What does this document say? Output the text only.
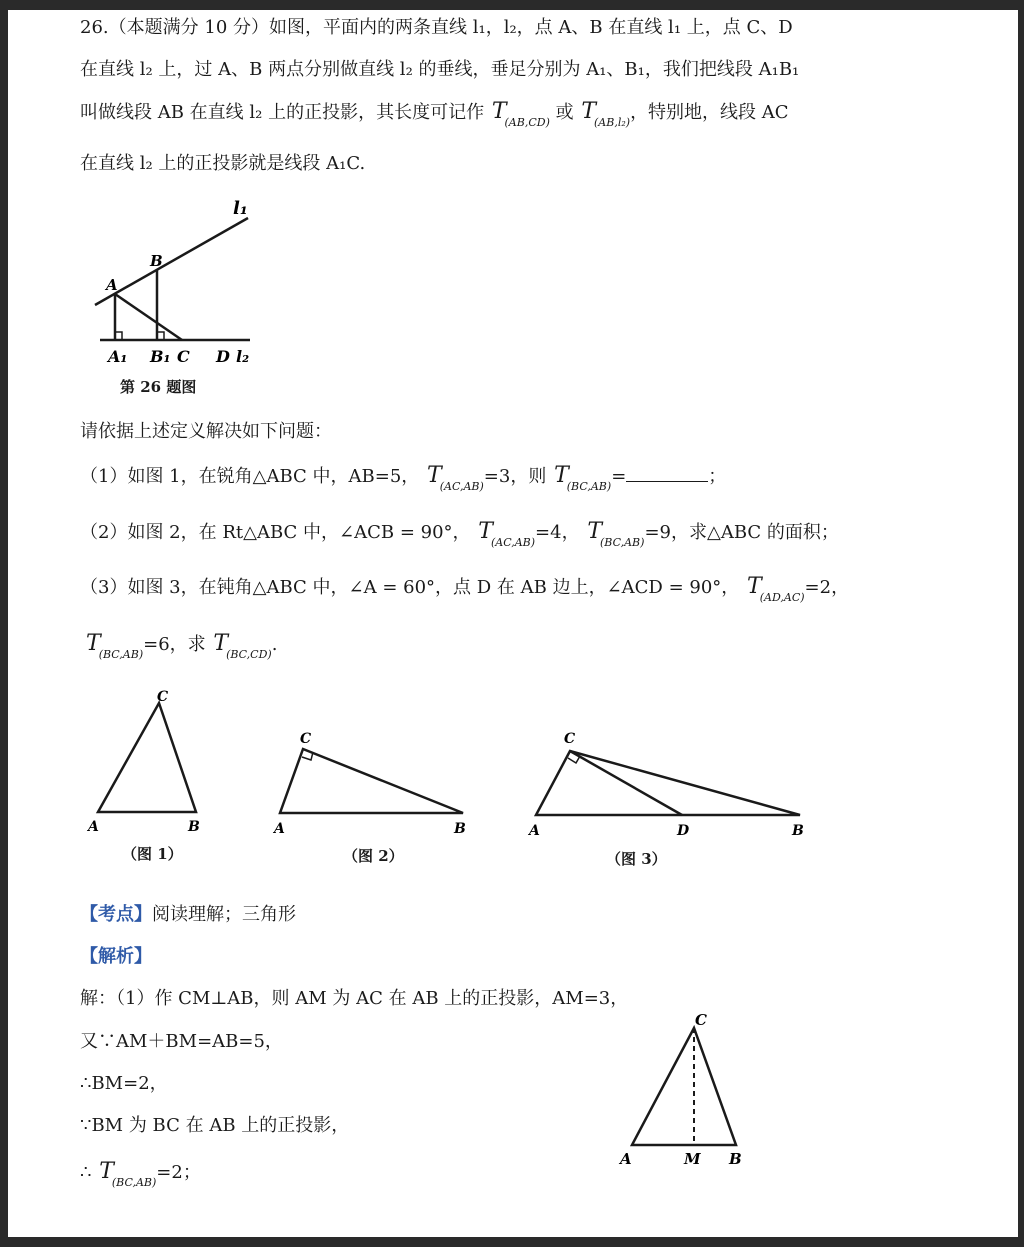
26.（本题满分 10 分）如图，平面内的两条直线 l₁，l₂，点 A、B 在直线 l₁ 上，点 C、D
在直线 l₂ 上，过 A、B 两点分别做直线 l₂ 的垂线，垂足分别为 A₁、B₁，我们把线段 A₁B₁
叫做线段 AB 在直线 l₂ 上的正投影，其长度可记作 $T_{(AB,CD)}$ 或 $T_{(AB,l_2)}$，特别地，线段 AC
在直线 l₂ 上的正投影就是线段 A₁C.
l₁
A
B
A₁ B₁ C D l₂
第 26 题图
请依据上述定义解决如下问题：
（1）如图 1，在锐角△ABC 中，AB=5， $T_{(AC,AB)}=3$，则 $T_{(BC,AB)}=$	；
（2）如图 2，在 Rt△ABC 中，∠ACB = 90°， $T_{(AC,AB)}=4$， $T_{(BC,AB)}=9$，求△ABC 的面积；
（3）如图 3，在钝角△ABC 中，∠A = 60°，点 D 在 AB 边上，∠ACD = 90°， $T_{(AD,AC)}=2$，
$T_{(BC,AB)}=6$，求 $T_{(BC,CD)}$.
C
A	B
（图 1）
C
A	B
（图 2）
C
A	D	B
（图 3）
【考点】阅读理解；三角形
【解析】
解：（1）作 CM⊥AB，则 AM 为 AC 在 AB 上的正投影，AM=3，
又∵AM＋BM=AB=5，
∴BM=2，
∵BM 为 BC 在 AB 上的正投影，
∴ $T_{(BC,AB)}=2$；
C
A	M B
